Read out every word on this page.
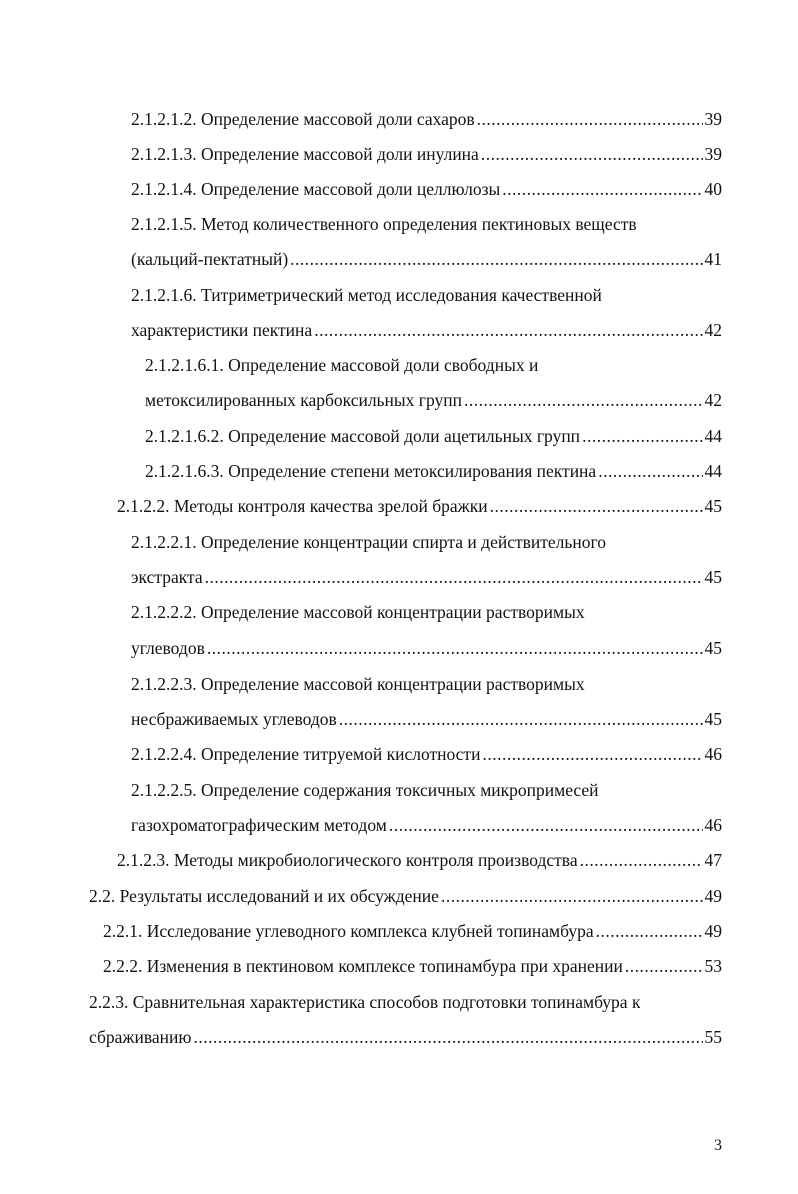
2.1.2.1.2. Определение массовой доли сахаров .....	39
2.1.2.1.3. Определение массовой доли инулина .....	39
2.1.2.1.4. Определение массовой доли целлюлозы .....	40
2.1.2.1.5. Метод количественного определения пектиновых веществ
(кальций-пектатный) .....	41
2.1.2.1.6. Титриметрический метод исследования качественной
характеристики пектина .....	42
2.1.2.1.6.1. Определение массовой доли свободных и
метоксилированных карбоксильных групп .....	42
2.1.2.1.6.2. Определение массовой доли ацетильных групп .....	44
2.1.2.1.6.3. Определение степени метоксилирования пектина .....	44
2.1.2.2. Методы контроля качества зрелой бражки .....	45
2.1.2.2.1. Определение концентрации спирта и действительного
экстракта .....	45
2.1.2.2.2. Определение массовой концентрации растворимых
углеводов .....	45
2.1.2.2.3. Определение массовой концентрации растворимых
несбраживаемых углеводов .....	45
2.1.2.2.4. Определение титруемой кислотности .....	46
2.1.2.2.5. Определение содержания токсичных микропримесей
газохроматографическим методом .....	46
2.1.2.3. Методы микробиологического контроля производства .....	47
2.2. Результаты исследований и их обсуждение .....	49
2.2.1. Исследование углеводного комплекса клубней топинамбура .....	49
2.2.2. Изменения в пектиновом комплексе топинамбура при хранении .....	53
2.2.3. Сравнительная характеристика способов подготовки топинамбура к
сбраживанию .....	55
3
